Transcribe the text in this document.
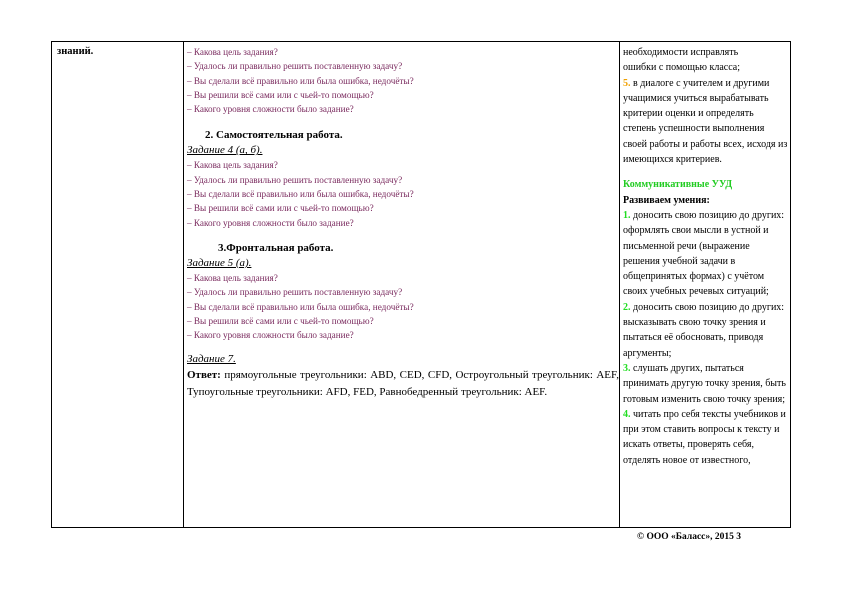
знаний.	– Какова цель задания?
– Удалось ли правильно решить поставленную задачу?
– Вы сделали всё правильно или была ошибка, недочёты?
– Вы решили всё сами или с чьей-то помощью?
– Какого уровня сложности было задание?
2. Самостоятельная работа.
Задание 4 (а, б).
– Какова цель задания?
– Удалось ли правильно решить поставленную задачу?
– Вы сделали всё правильно или была ошибка, недочёты?
– Вы решили всё сами или с чьей-то помощью?
– Какого уровня сложности было задание?
3.Фронтальная работа.
Задание 5 (а).
– Какова цель задания?
– Удалось ли правильно решить поставленную задачу?
– Вы сделали всё правильно или была ошибка, недочёты?
– Вы решили всё сами или с чьей-то помощью?
– Какого уровня сложности было задание?
Задание 7.
Ответ: прямоугольные треугольники: ABD, CED, CFD, Остроугольный треугольник: AEF, Тупоугольные треугольники: AFD, FED, Равнобедренный треугольник: AEF.
необходимости исправлять
ошибки с помощью класса;
5. в диалоге с учителем и другими учащимися учиться вырабатывать критерии оценки и определять степень успешности выполнения своей работы и работы всех, исходя из имеющихся критериев.
Коммуникативные УУД
Развиваем умения:
1. доносить свою позицию до других: оформлять свои мысли в устной и письменной речи (выражение решения учебной задачи в общепринятых формах) с учётом своих учебных речевых ситуаций;
2. доносить свою позицию до других: высказывать свою точку зрения и пытаться её обосновать, приводя аргументы;
3. слушать других, пытаться принимать другую точку зрения, быть готовым изменить свою точку зрения;
4. читать про себя тексты учебников и при этом ставить вопросы к тексту и искать ответы, проверять себя, отделять новое от известного,
© ООО «Баласс», 2015 3
